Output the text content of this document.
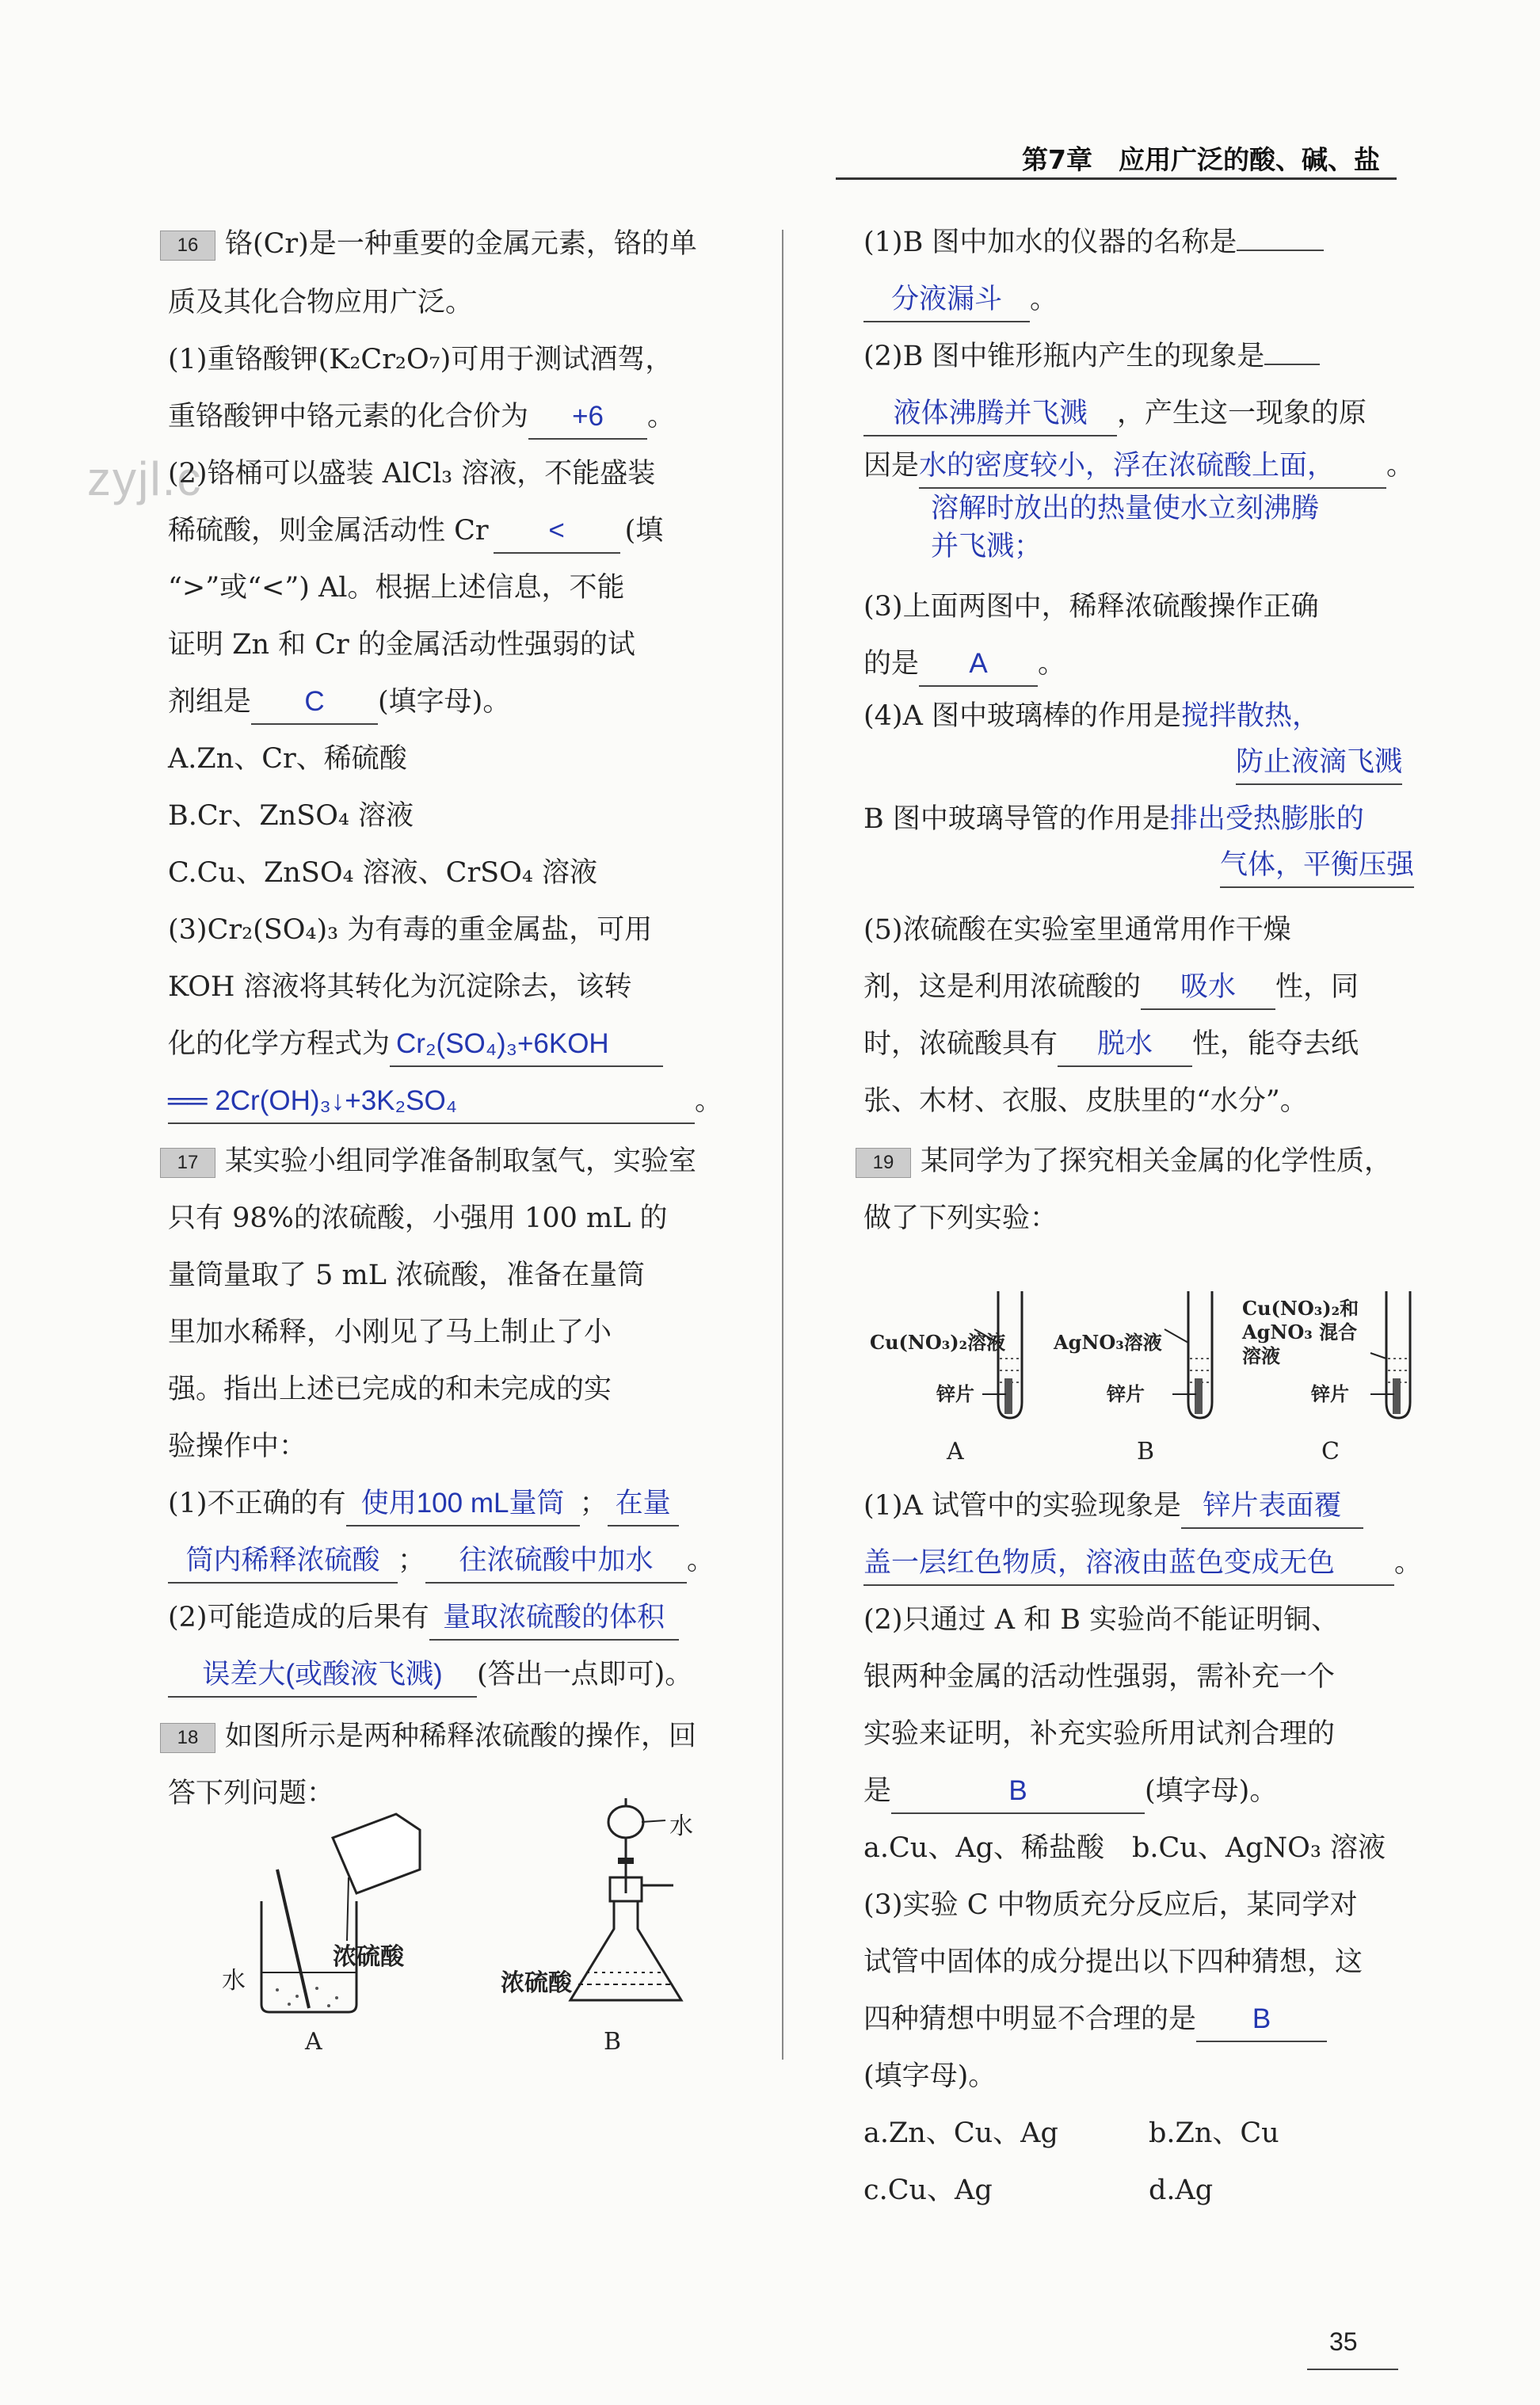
第7章　应用广泛的酸、碱、盐
zyjl.c
16 铬(Cr)是一种重要的金属元素，铬的单
质及其化合物应用广泛。
(1)重铬酸钾(K₂Cr₂O₇)可用于测试酒驾，
重铬酸钾中铬元素的化合价为 +6 。
(2)铬桶可以盛装 AlCl₃ 溶液，不能盛装
稀硫酸，则金属活动性 Cr < (填
“>”或“<”) Al。根据上述信息，不能
证明 Zn 和 Cr 的金属活动性强弱的试
剂组是 C (填字母)。
A.Zn、Cr、稀硫酸
B.Cr、ZnSO₄ 溶液
C.Cu、ZnSO₄ 溶液、CrSO₄ 溶液
(3)Cr₂(SO₄)₃ 为有毒的重金属盐，可用
KOH 溶液将其转化为沉淀除去，该转
化的化学方程式为 Cr₂(SO₄)₃+6KOH
══ 2Cr(OH)₃↓+3K₂SO₄	。
17 某实验小组同学准备制取氢气，实验室
只有 98%的浓硫酸，小强用 100 mL 的
量筒量取了 5 mL 浓硫酸，准备在量筒
里加水稀释，小刚见了马上制止了小
强。指出上述已完成的和未完成的实
验操作中：
(1)不正确的有 使用100 mL量筒 ； 在量
筒内稀释浓硫酸 ； 往浓硫酸中加水 。
(2)可能造成的后果有 量取浓硫酸的体积
误差大(或酸液飞溅) (答出一点即可)。
18 如图所示是两种稀释浓硫酸的操作，回
答下列问题：
水
浓硫酸
A
水
浓硫酸
B
(1)B 图中加水的仪器的名称是
分液漏斗 。
(2)B 图中锥形瓶内产生的现象是
液体沸腾并飞溅 ，产生这一现象的原
因是水的密度较小，浮在浓硫酸上面， 。
溶解时放出的热量使水立刻沸腾
并飞溅；
(3)上面两图中，稀释浓硫酸操作正确
的是 A 。
(4)A 图中玻璃棒的作用是搅拌散热，
防止液滴飞溅
B 图中玻璃导管的作用是排出受热膨胀的
气体，平衡压强
(5)浓硫酸在实验室里通常用作干燥
剂，这是利用浓硫酸的 吸水 性，同
时，浓硫酸具有 脱水 性，能夺去纸
张、木材、衣服、皮肤里的“水分”。
19 某同学为了探究相关金属的化学性质，
做了下列实验：
Cu(NO₃)₂溶液
锌片
AgNO₃溶液
锌片
Cu(NO₃)₂和
AgNO₃ 混合
溶液
锌片
A	B	C
(1)A 试管中的实验现象是 锌片表面覆
盖一层红色物质，溶液由蓝色变成无色 。
(2)只通过 A 和 B 实验尚不能证明铜、
银两种金属的活动性强弱，需补充一个
实验来证明，补充实验所用试剂合理的
是	B	(填字母)。
a.Cu、Ag、稀盐酸　b.Cu、AgNO₃ 溶液
(3)实验 C 中物质充分反应后，某同学对
试管中固体的成分提出以下四种猜想，这
四种猜想中明显不合理的是 B
(填字母)。
a.Zn、Cu、Ag	b.Zn、Cu
c.Cu、Ag	d.Ag
35
